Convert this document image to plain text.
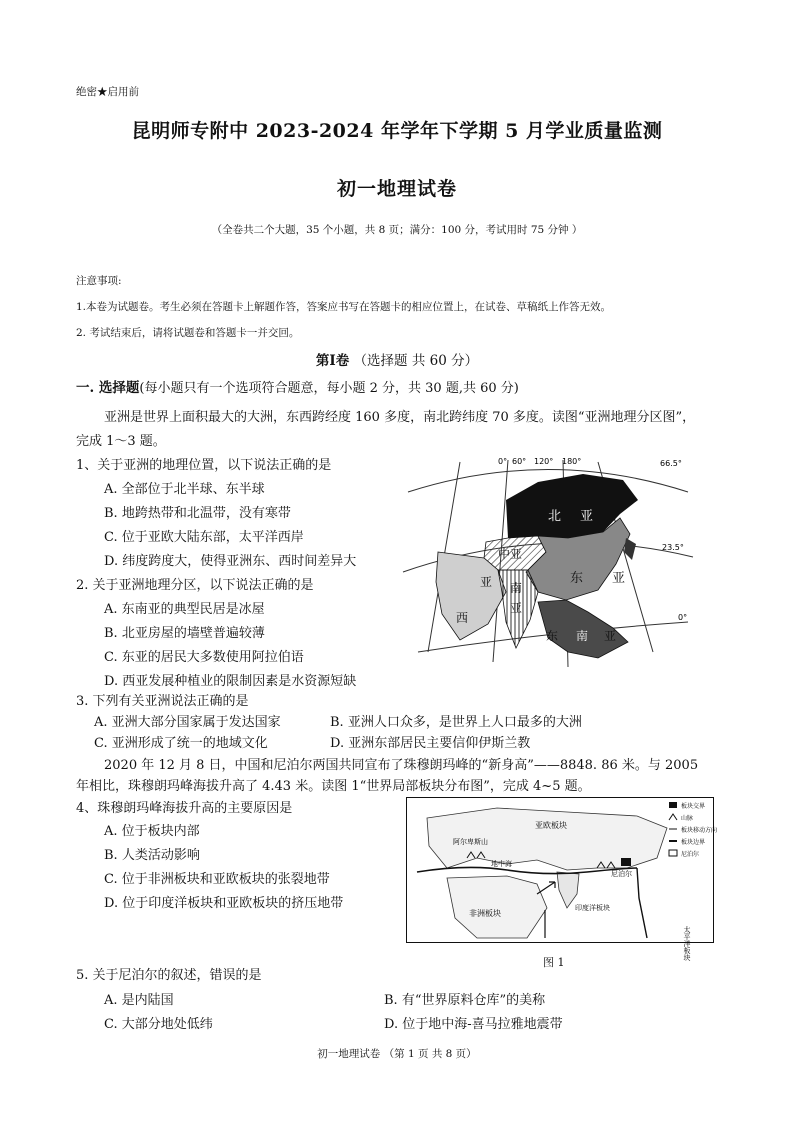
绝密★启用前
昆明师专附中 2023-2024 年学年下学期 5 月学业质量监测
初一地理试卷
（全卷共二个大题，35 个小题，共 8 页；满分：100 分，考试用时 75 分钟 ）
注意事项:
1.本卷为试题卷。考生必须在答题卡上解题作答，答案应书写在答题卡的相应位置上，在试卷、草稿纸上作答无效。
2. 考试结束后，请将试题卷和答题卡一并交回。
第Ⅰ卷 （选择题 共 60 分）
一. 选择题(每小题只有一个选项符合题意，每小题 2 分，共 30 题,共 60 分)
亚洲是世界上面积最大的大洲，东西跨经度 160 多度，南北跨纬度 70 多度。读图“亚洲地理分区图”，
完成 1～3 题。
1、关于亚洲的地理位置，以下说法正确的是
A. 全部位于北半球、东半球
B. 地跨热带和北温带，没有寒带
C. 位于亚欧大陆东部，太平洋西岸
D. 纬度跨度大，使得亚洲东、西时间差异大
2. 关于亚洲地理分区，以下说法正确的是
A. 东南亚的典型民居是冰屋
B. 北亚房屋的墙壁普遍较薄
C. 东亚的居民大多数使用阿拉伯语
D. 西亚发展种植业的限制因素是水资源短缺
3. 下列有关亚洲说法正确的是
A. 亚洲大部分国家属于发达国家	B. 亚洲人口众多，是世界上人口最多的大洲
C. 亚洲形成了统一的地域文化	D. 亚洲东部居民主要信仰伊斯兰教
2020 年 12 月 8 日，中国和尼泊尔两国共同宣布了珠穆朗玛峰的“新身高”——8848. 86 米。与 2005
年相比，珠穆朗玛峰海拔升高了 4.43 米。读图 1“世界局部板块分布图”，完成 4~5 题。
4、珠穆朗玛峰海拔升高的主要原因是
A. 位于板块内部
B. 人类活动影响
C. 位于非洲板块和亚欧板块的张裂地带
D. 位于印度洋板块和亚欧板块的挤压地带
5. 关于尼泊尔的叙述，错误的是
A. 是内陆国	B. 有“世界原料仓库”的美称
C. 大部分地处低纬	D. 位于地中海-喜马拉雅地震带
北 亚
中亚
东 亚
西
亚 南
亚
东 南 亚
0° 60° 120° 180°	66.5°
23.5°
0°
亚欧板块
非洲板块
印度洋板块
尼泊尔
阿尔卑斯山
地中海
太平洋板块
板块交界
山脉
板块移动方向
板块边界
尼泊尔
图 1
初一地理试卷 （第 1 页 共 8 页）
